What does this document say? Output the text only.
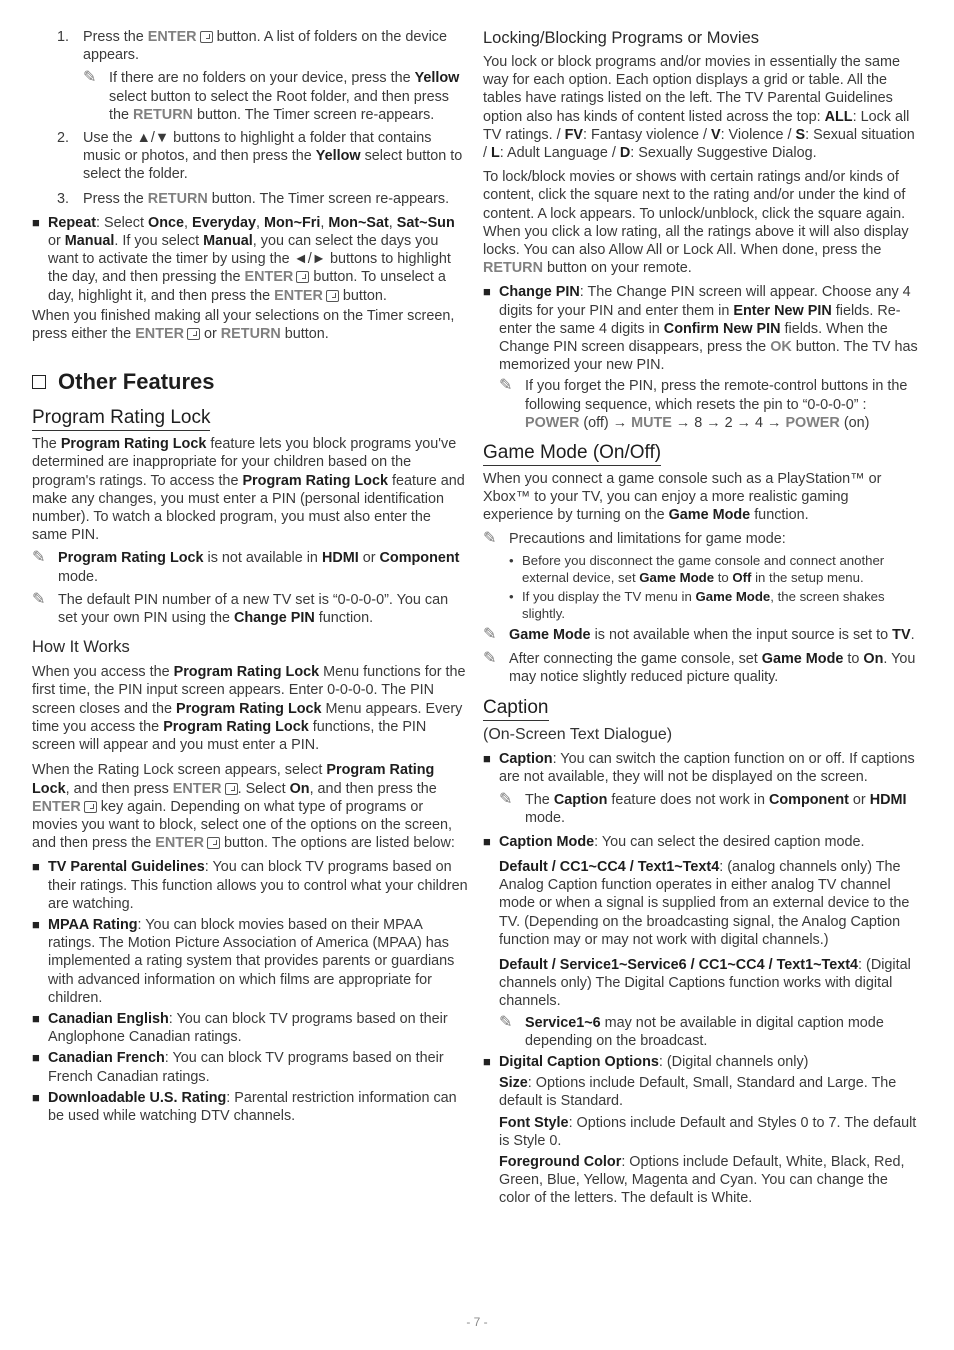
1. Press the ENTER button. A list of folders on the device appears.
✎ If there are no folders on your device, press the Yellow select button to select the Root folder, and then press the RETURN button. The Timer screen re-appears.
2. Use the ▲/▼ buttons to highlight a folder that contains music or photos, and then press the Yellow select button to select the folder.
3. Press the RETURN button. The Timer screen re-appears.
■ Repeat: Select Once, Everyday, Mon~Fri, Mon~Sat, Sat~Sun or Manual. If you select Manual, you can select the days you want to activate the timer by using the ◄/► buttons to highlight the day, and then pressing the ENTER button. To unselect a day, highlight it, and then press the ENTER button.

When you finished making all your selections on the Timer screen, press either the ENTER or RETURN button.

Other Features
Program Rating Lock

The Program Rating Lock feature lets you block programs you've determined are inappropriate for your children based on the program's ratings. To access the Program Rating Lock feature and make any changes, you must enter a PIN (personal identification number). To watch a blocked program, you must also enter the same PIN.

✎ Program Rating Lock is not available in HDMI or Component mode.
✎ The default PIN number of a new TV set is “0-0-0-0”. You can set your own PIN using the Change PIN function.
How It Works

When you access the Program Rating Lock Menu functions for the first time, the PIN input screen appears. Enter 0-0-0-0. The PIN screen closes and the Program Rating Lock Menu appears. Every time you access the Program Rating Lock functions, the PIN screen will appear and you must enter a PIN.

When the Rating Lock screen appears, select Program Rating Lock, and then press ENTER . Select On, and then press the ENTER key again. Depending on what type of programs or movies you want to block, select one of the options on the screen, and then press the ENTER button. The options are listed below:

■ TV Parental Guidelines: You can block TV programs based on their ratings. This function allows you to control what your children are watching.
■ MPAA Rating: You can block movies based on their MPAA ratings. The Motion Picture Association of America (MPAA) has implemented a rating system that provides parents or guardians with advanced information on which films are appropriate for children.
■ Canadian English: You can block TV programs based on their Anglophone Canadian ratings.
■ Canadian French: You can block TV programs based on their French Canadian ratings.
■ Downloadable U.S. Rating: Parental restriction information can be used while watching DTV channels.
Locking/Blocking Programs or Movies

You lock or block programs and/or movies in essentially the same way for each option. Each option displays a grid or table. All the tables have ratings listed on the left. The TV Parental Guidelines option also has kinds of content listed across the top: ALL: Lock all TV ratings. / FV: Fantasy violence / V: Violence / S: Sexual situation / L: Adult Language / D: Sexually Suggestive Dialog.

To lock/block movies or shows with certain ratings and/or kinds of content, click the square next to the rating and/or under the kind of content. A lock appears. To unlock/unblock, click the square again. When you click a low rating, all the ratings above it will also display locks. You can also Allow All or Lock All. When done, press the RETURN button on your remote.

■ Change PIN: The Change PIN screen will appear. Choose any 4 digits for your PIN and enter them in Enter New PIN fields. Re-enter the same 4 digits in Confirm New PIN fields. When the Change PIN screen disappears, press the OK button. The TV has memorized your new PIN.
✎ If you forget the PIN, press the remote-control buttons in the following sequence, which resets the pin to “0-0-0-0” : POWER (off) → MUTE → 8 → 2 → 4 → POWER (on)
Game Mode (On/Off)

When you connect a game console such as a PlayStation™ or Xbox™ to your TV, you can enjoy a more realistic gaming experience by turning on the Game Mode function.

✎ Precautions and limitations for game mode:
• Before you disconnect the game console and connect another external device, set Game Mode to Off in the setup menu.
• If you display the TV menu in Game Mode, the screen shakes slightly.
✎ Game Mode is not available when the input source is set to TV.
✎ After connecting the game console, set Game Mode to On. You may notice slightly reduced picture quality.
Caption

(On-Screen Text Dialogue)

■ Caption: You can switch the caption function on or off. If captions are not available, they will not be displayed on the screen.
✎ The Caption feature does not work in Component or HDMI mode.
■ Caption Mode: You can select the desired caption mode.

Default / CC1~CC4 / Text1~Text4: (analog channels only) The Analog Caption function operates in either analog TV channel mode or when a signal is supplied from an external device to the TV. (Depending on the broadcasting signal, the Analog Caption function may or may not work with digital channels.)

Default / Service1~Service6 / CC1~CC4 / Text1~Text4: (Digital channels only) The Digital Captions function works with digital channels.

✎ Service1~6 may not be available in digital caption mode depending on the broadcast.
■ Digital Caption Options: (Digital channels only)

Size: Options include Default, Small, Standard and Large. The default is Standard.

Font Style: Options include Default and Styles 0 to 7. The default is Style 0.

Foreground Color: Options include Default, White, Black, Red, Green, Blue, Yellow, Magenta and Cyan. You can change the color of the letters. The default is White.

- 7 -
